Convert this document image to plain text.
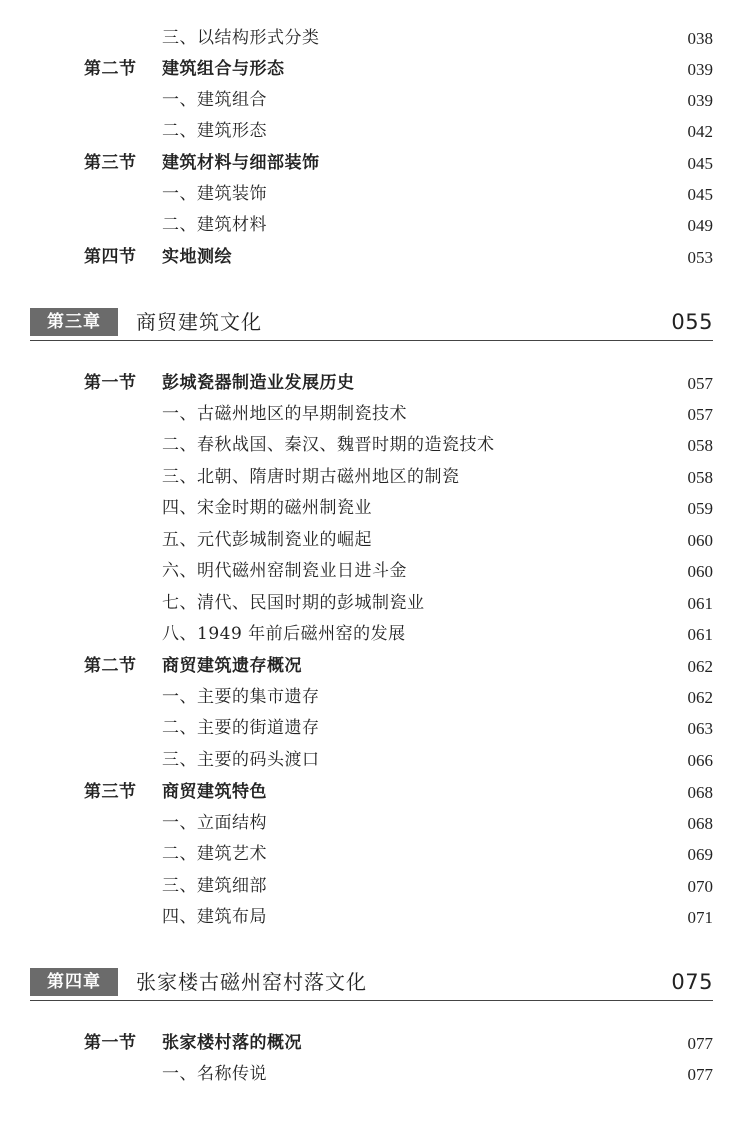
三、以结构形式分类	038
第二节 建筑组合与形态	039
一、建筑组合	039
二、建筑形态	042
第三节 建筑材料与细部装饰	045
一、建筑装饰	045
二、建筑材料	049
第四节 实地测绘	053
第三章	商贸建筑文化	055
第一节 彭城瓷器制造业发展历史	057
一、古磁州地区的早期制瓷技术	057
二、春秋战国、秦汉、魏晋时期的造瓷技术	058
三、北朝、隋唐时期古磁州地区的制瓷	058
四、宋金时期的磁州制瓷业	059
五、元代彭城制瓷业的崛起	060
六、明代磁州窑制瓷业日进斗金	060
七、清代、民国时期的彭城制瓷业	061
八、1949 年前后磁州窑的发展	061
第二节 商贸建筑遗存概况	062
一、主要的集市遗存	062
二、主要的街道遗存	063
三、主要的码头渡口	066
第三节 商贸建筑特色	068
一、立面结构	068
二、建筑艺术	069
三、建筑细部	070
四、建筑布局	071
第四章	张家楼古磁州窑村落文化	075
第一节 张家楼村落的概况	077
一、名称传说	077
